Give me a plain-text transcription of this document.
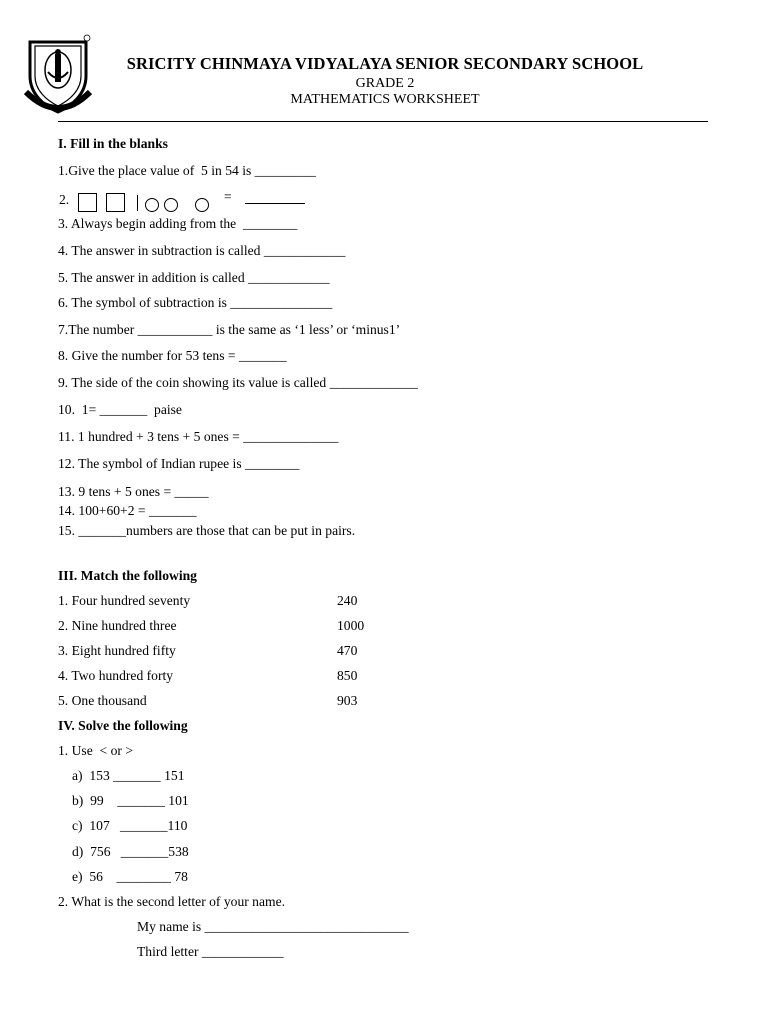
SRICITY CHINMAYA VIDYALAYA SENIOR SECONDARY SCHOOL
GRADE 2
MATHEMATICS WORKSHEET
I. Fill in the blanks
1.Give the place value of  5 in 54 is _________
2.	=
3. Always begin adding from the  ________
4. The answer in subtraction is called ____________
5. The answer in addition is called ____________
6. The symbol of subtraction is _______________
7.The number ___________ is the same as ‘1 less’ or ‘minus1’
8. Give the number for 53 tens = _______
9. The side of the coin showing its value is called _____________
10.  1= _______  paise
11. 1 hundred + 3 tens + 5 ones = ______________
12. The symbol of Indian rupee is ________
13. 9 tens + 5 ones = _____
14. 100+60+2 = _______
15. _______numbers are those that can be put in pairs.
III. Match the following
1. Four hundred seventy	240
2. Nine hundred three	1000
3. Eight hundred fifty	470
4. Two hundred forty	850
5. One thousand	903
IV. Solve the following
1. Use  < or >
a)  153 _______ 151
b)  99    _______ 101
c)  107   _______110
d)  756   _______538
e)  56    ________ 78
2. What is the second letter of your name.
My name is ______________________________
Third letter ____________
